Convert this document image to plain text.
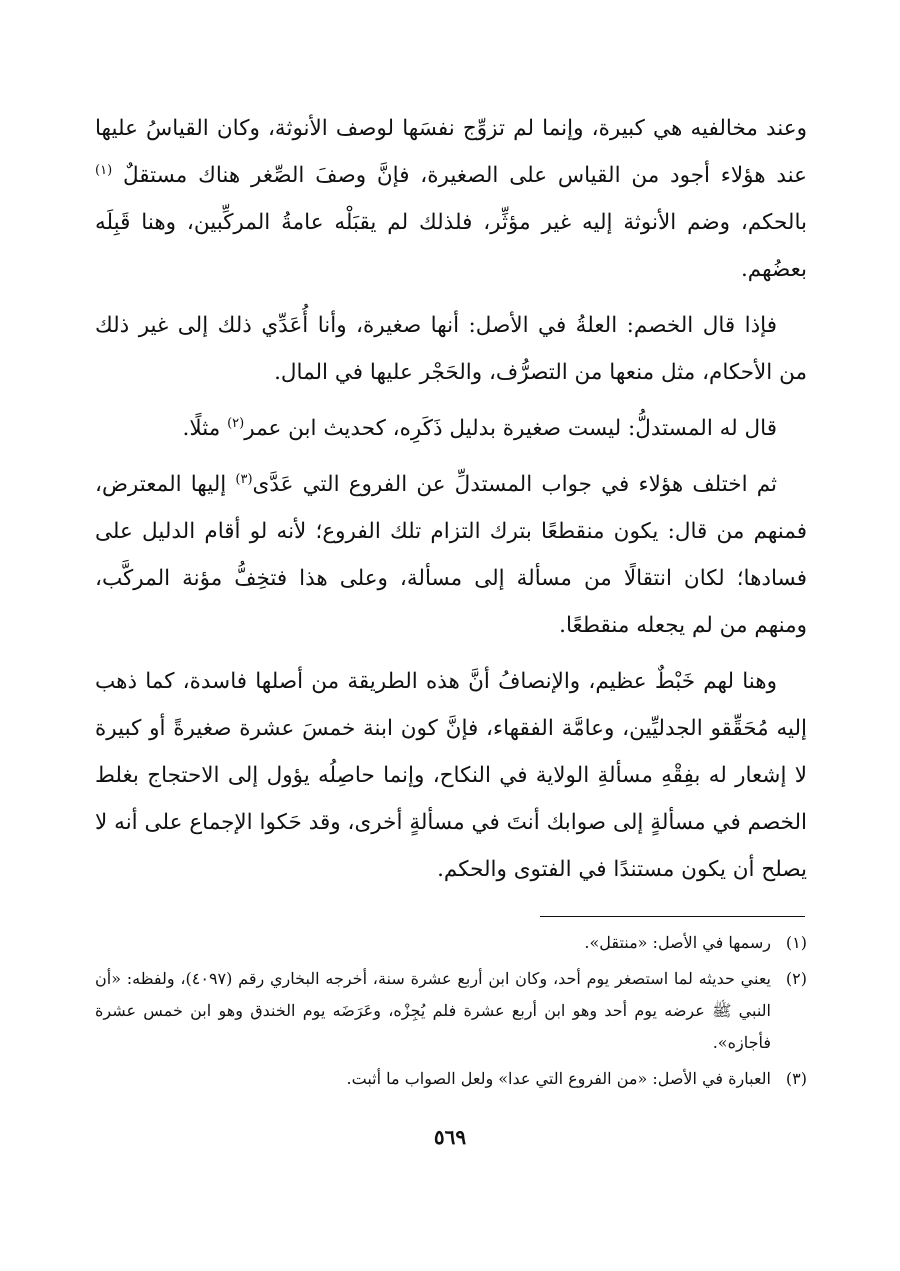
وعند مخالفيه هي كبيرة، وإنما لم تزوِّج نفسَها لوصف الأنوثة، وكان القياسُ عليها عند هؤلاء أجود من القياس على الصغيرة، فإنَّ وصفَ الصِّغر هناك مستقلٌ $^{(١)}$ بالحكم، وضم الأنوثة إليه غير مؤثِّر، فلذلك لم يقبَلْه عامةُ المركِّبين، وهنا قَبِلَه بعضُهم.

فإذا قال الخصم: العلةُ في الأصل: أنها صغيرة، وأنا أُعَدِّي ذلك إلى غير ذلك من الأحكام، مثل منعها من التصرُّف، والحَجْر عليها في المال.

قال له المستدلُّ: ليست صغيرة بدليل ذَكَرِه، كحديث ابن عمر$^{(٢)}$ مثلًا.

ثم اختلف هؤلاء في جواب المستدلِّ عن الفروع التي عَدَّى$^{(٣)}$ إليها المعترض، فمنهم من قال: يكون منقطعًا بترك التزام تلك الفروع؛ لأنه لو أقام الدليل على فسادها؛ لكان انتقالًا من مسألة إلى مسألة، وعلى هذا فتخِفُّ مؤنة المركَّب، ومنهم من لم يجعله منقطعًا.

وهنا لهم خَبْطٌ عظيم، والإنصافُ أنَّ هذه الطريقة من أصلها فاسدة، كما ذهب إليه مُحَقِّقو الجدليِّين، وعامَّة الفقهاء، فإنَّ كون ابنة خمسَ عشرة صغيرةً أو كبيرة لا إشعار له بفِقْهِ مسألةِ الولاية في النكاح، وإنما حاصِلُه يؤول إلى الاحتجاج بغلط الخصم في مسألةٍ إلى صوابك أنتَ في مسألةٍ أخرى، وقد حَكوا الإجماع على أنه لا يصلح أن يكون مستندًا في الفتوى والحكم.

(١)رسمها في الأصل: «منتقل».

(٢)يعني حديثه لما استصغر يوم أحد، وكان ابن أربع عشرة سنة، أخرجه البخاري رقم (٤٠٩٧)، ولفظه: «أن النبي ﷺ عرضه يوم أحد وهو ابن أربع عشرة فلم يُجِزْه، وعَرَضَه يوم الخندق وهو ابن خمس عشرة فأجازه».

(٣)العبارة في الأصل: «من الفروع التي عدا» ولعل الصواب ما أثبت.

٥٦٩
